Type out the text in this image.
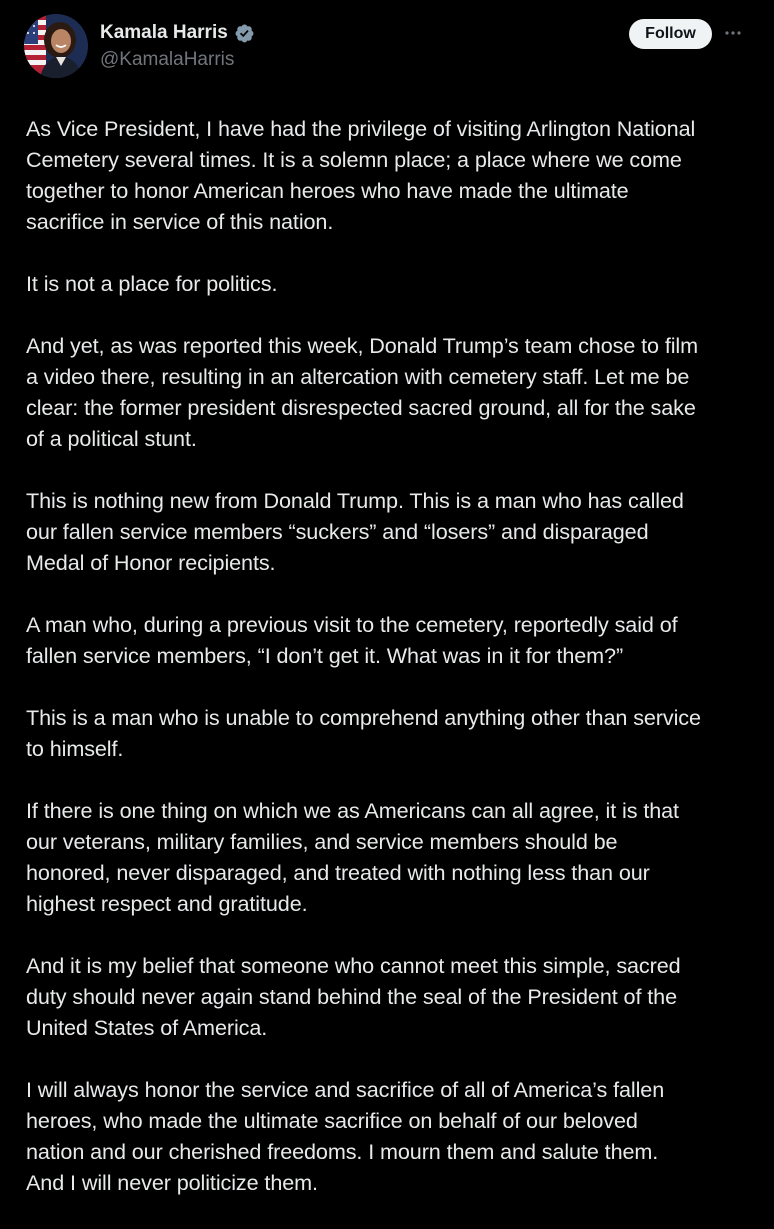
Kamala Harris
@KamalaHarris
Follow

As Vice President, I have had the privilege of visiting Arlington National
Cemetery several times. It is a solemn place; a place where we come
together to honor American heroes who have made the ultimate
sacrifice in service of this nation.

It is not a place for politics.

And yet, as was reported this week, Donald Trump’s team chose to film
a video there, resulting in an altercation with cemetery staff. Let me be
clear: the former president disrespected sacred ground, all for the sake
of a political stunt.

This is nothing new from Donald Trump. This is a man who has called
our fallen service members “suckers” and “losers” and disparaged
Medal of Honor recipients.

A man who, during a previous visit to the cemetery, reportedly said of
fallen service members, “I don’t get it. What was in it for them?”

This is a man who is unable to comprehend anything other than service
to himself.

If there is one thing on which we as Americans can all agree, it is that
our veterans, military families, and service members should be
honored, never disparaged, and treated with nothing less than our
highest respect and gratitude.

And it is my belief that someone who cannot meet this simple, sacred
duty should never again stand behind the seal of the President of the
United States of America.

I will always honor the service and sacrifice of all of America’s fallen
heroes, who made the ultimate sacrifice on behalf of our beloved
nation and our cherished freedoms. I mourn them and salute them.
And I will never politicize them.
